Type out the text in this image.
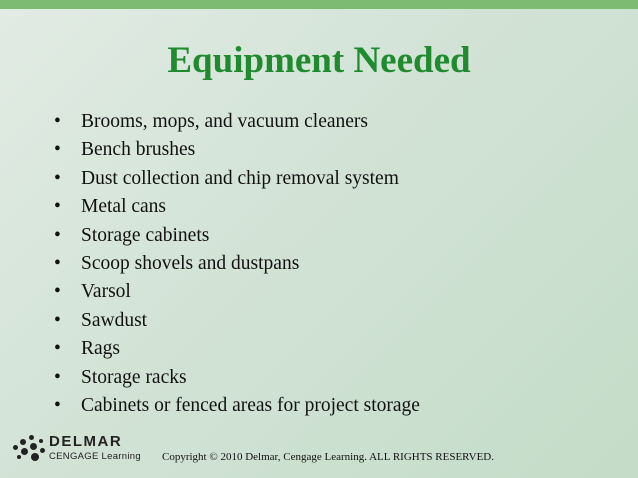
Equipment Needed
• Brooms, mops, and vacuum cleaners
• Bench brushes
• Dust collection and chip removal system
• Metal cans
• Storage cabinets
• Scoop shovels and dustpans
• Varsol
• Sawdust
• Rags
• Storage racks
• Cabinets or fenced areas for project storage
DELMAR
CENGAGE Learning Copyright © 2010 Delmar, Cengage Learning. ALL RIGHTS RESERVED.
